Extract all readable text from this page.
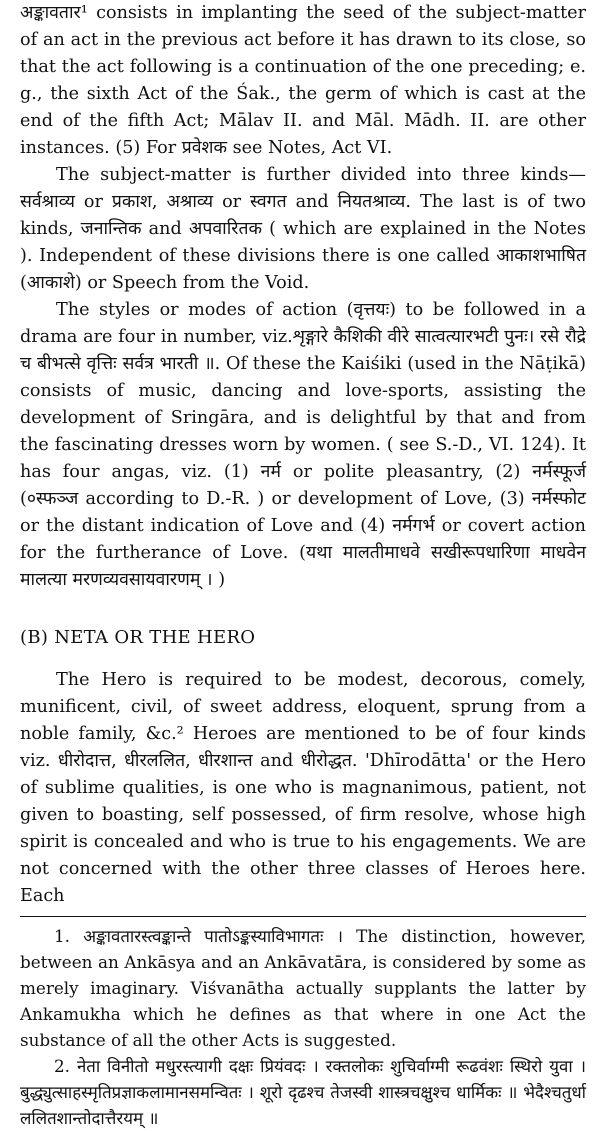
अङ्कावतार¹ consists in implanting the seed of the subject-matter of an act in the previous act before it has drawn to its close, so that the act following is a continuation of the one preceding; e. g., the sixth Act of the Śak., the germ of which is cast at the end of the fifth Act; Mālav II. and Māl. Mādh. II. are other instances. (5) For प्रवेशक see Notes, Act VI.

The subject-matter is further divided into three kinds— सर्वश्राव्य or प्रकाश, अश्राव्य or स्वगत and नियतश्राव्य. The last is of two kinds, जनान्तिक and अपवारितक ( which are explained in the Notes ). Independent of these divisions there is one called आकाशभाषित (आकाशे) or Speech from the Void.

The styles or modes of action (वृत्तयः) to be followed in a drama are four in number, viz.शृङ्गारे कैशिकी वीरे सात्वत्यारभटी पुनः। रसे रौद्रे च बीभत्से वृत्तिः सर्वत्र भारती ॥. Of these the Kaiśiki (used in the Nāṭikā) consists of music, dancing and love-sports, assisting the development of Sringāra, and is delightful by that and from the fascinating dresses worn by women. ( see S.-D., VI. 124). It has four angas, viz. (1) नर्म or polite pleasantry, (2) नर्मस्फूर्ज (०स्फञ्ज according to D.-R. ) or development of Love, (3) नर्मस्फोट or the distant indication of Love and (4) नर्मगर्भ or covert action for the furtherance of Love. (यथा मालतीमाधवे सखीरूपधारिणा माधवेन मालत्या मरणव्यवसायवारणम् । )

(B) NETA OR THE HERO

The Hero is required to be modest, decorous, comely, munificent, civil, of sweet address, eloquent, sprung from a noble family, &c.² Heroes are mentioned to be of four kinds viz. धीरोदात्त, धीरललित, धीरशान्त and धीरोद्धत. 'Dhīrodātta' or the Hero of sublime qualities, is one who is magnanimous, patient, not given to boasting, self possessed, of firm resolve, whose high spirit is concealed and who is true to his engagements. We are not concerned with the other three classes of Heroes here. Each

1. अङ्कावतारस्त्वङ्कान्ते पातोऽङ्कस्याविभागतः । The distinction, however, between an Ankāsya and an Ankāvatāra, is considered by some as merely imaginary. Viśvanātha actually supplants the latter by Ankamukha which he defines as that where in one Act the substance of all the other Acts is suggested.

2. नेता विनीतो मधुरस्त्यागी दक्षः प्रियंवदः । रक्तलोकः शुचिर्वाग्मी रूढवंशः स्थिरो युवा । बुद्ध्युत्साहस्मृतिप्रज्ञाकलामानसमन्वितः । शूरो दृढश्च तेजस्वी शास्त्रचक्षुश्च धार्मिकः ॥ भेदैश्चतुर्धा ललितशान्तोदात्तैरयम् ॥
